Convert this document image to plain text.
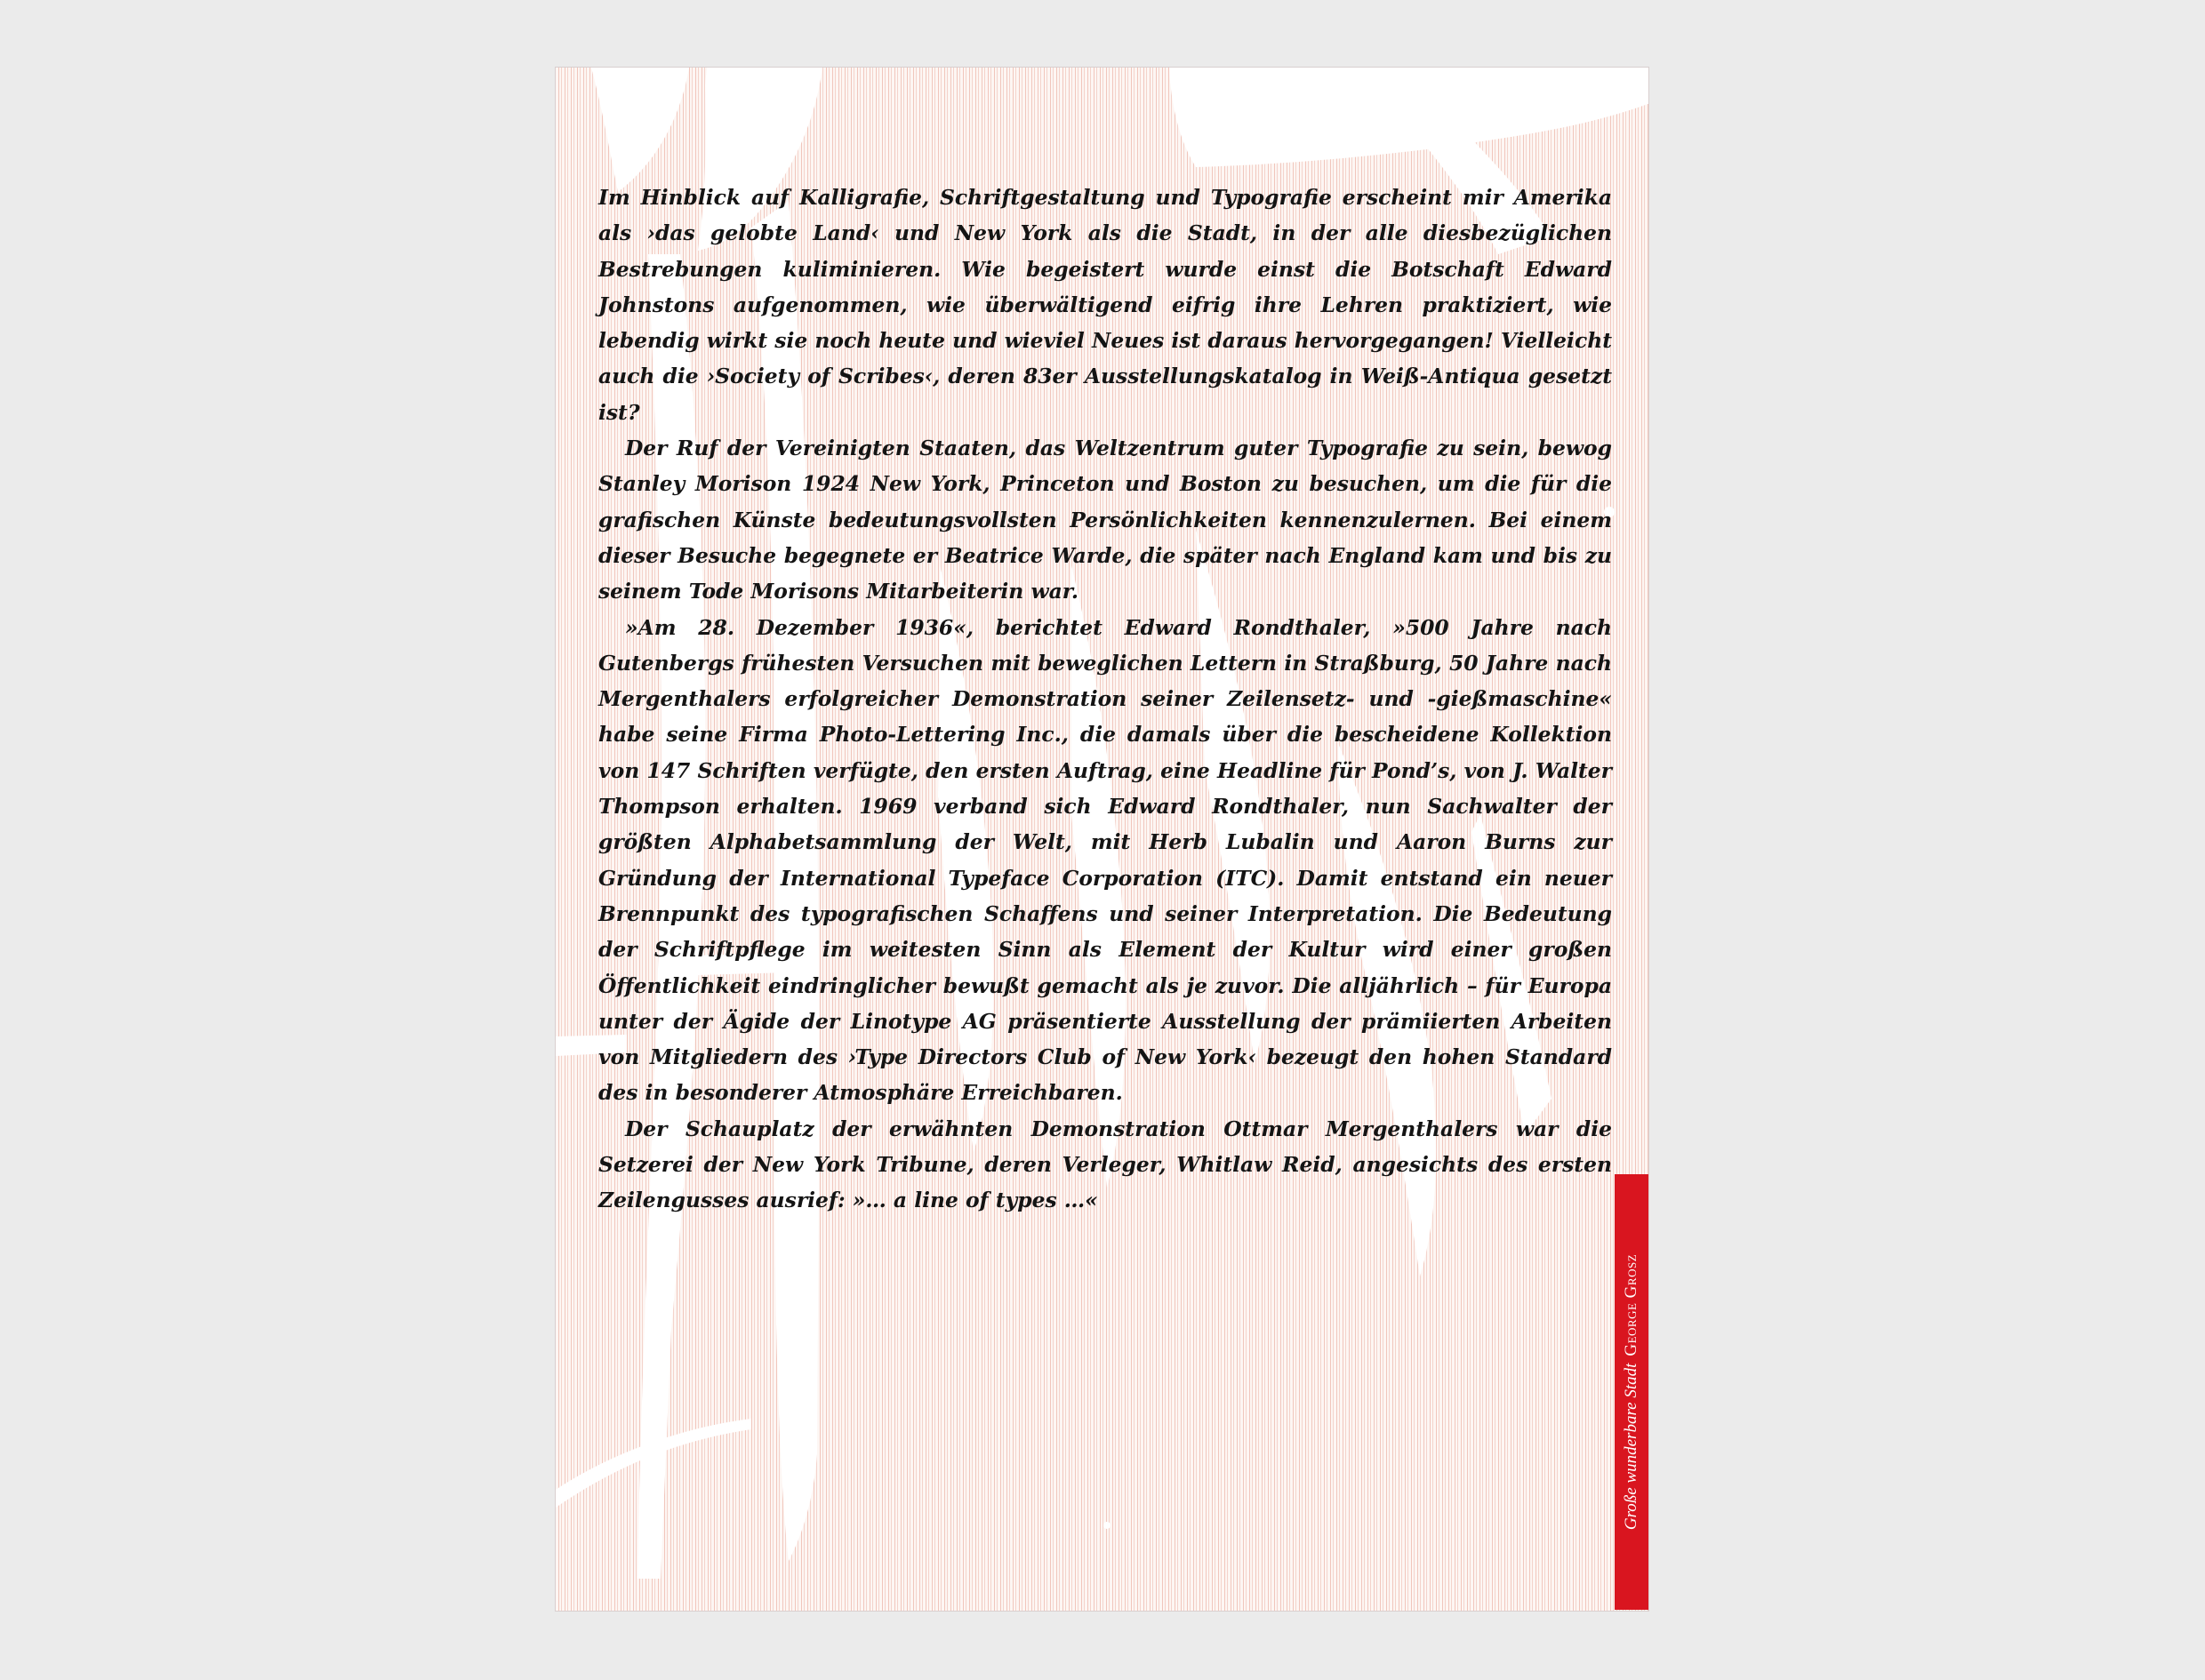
Im Hinblick auf Kalligrafie, Schriftgestaltung und Typografie erscheint mir Amerika als ›das gelobte Land‹ und New York als die Stadt, in der alle diesbezüglichen Bestrebungen kuliminieren. Wie begeistert wurde einst die Botschaft Edward Johnstons aufgenommen, wie überwältigend eifrig ihre Lehren praktiziert, wie lebendig wirkt sie noch heute und wieviel Neues ist daraus hervorgegangen! Vielleicht auch die ›Society of Scribes‹, deren 83er Ausstellungskatalog in Weiß-Antiqua gesetzt ist?

Der Ruf der Vereinigten Staaten, das Weltzentrum guter Typografie zu sein, bewog Stanley Morison 1924 New York, Princeton und Boston zu besuchen, um die für die grafischen Künste bedeutungsvollsten Persönlichkeiten kennenzulernen. Bei einem dieser Besuche begegnete er Beatrice Warde, die später nach England kam und bis zu seinem Tode Morisons Mitarbeiterin war.

»Am 28. Dezember 1936«, berichtet Edward Rondthaler, »500 Jahre nach Gutenbergs frühesten Versuchen mit beweglichen Lettern in Straßburg, 50 Jahre nach Mergenthalers erfolgreicher Demonstration seiner Zeilensetz- und -gießmaschine« habe seine Firma Photo-Lettering Inc., die damals über die bescheidene Kollektion von 147 Schriften verfügte, den ersten Auftrag, eine Headline für Pond’s, von J. Walter Thompson erhalten. 1969 verband sich Edward Rondthaler, nun Sachwalter der größten Alphabetsammlung der Welt, mit Herb Lubalin und Aaron Burns zur Gründung der International Typeface Corporation (ITC). Damit entstand ein neuer Brennpunkt des typografischen Schaffens und seiner Interpretation. Die Bedeutung der Schriftpflege im weitesten Sinn als Element der Kultur wird einer großen Öffentlichkeit eindringlicher bewußt gemacht als je zuvor. Die alljährlich – für Europa unter der Ägide der Linotype AG präsentierte Ausstellung der prämiierten Arbeiten von Mitgliedern des ›Type Directors Club of New York‹ bezeugt den hohen Standard des in besonderer Atmosphäre Erreichbaren.

Der Schauplatz der erwähnten Demonstration Ottmar Mergenthalers war die Setzerei der New York Tribune, deren Verleger, Whitlaw Reid, angesichts des ersten Zeilengusses ausrief: »… a line of types …«

Große wunderbare StadtGeorge Grosz
